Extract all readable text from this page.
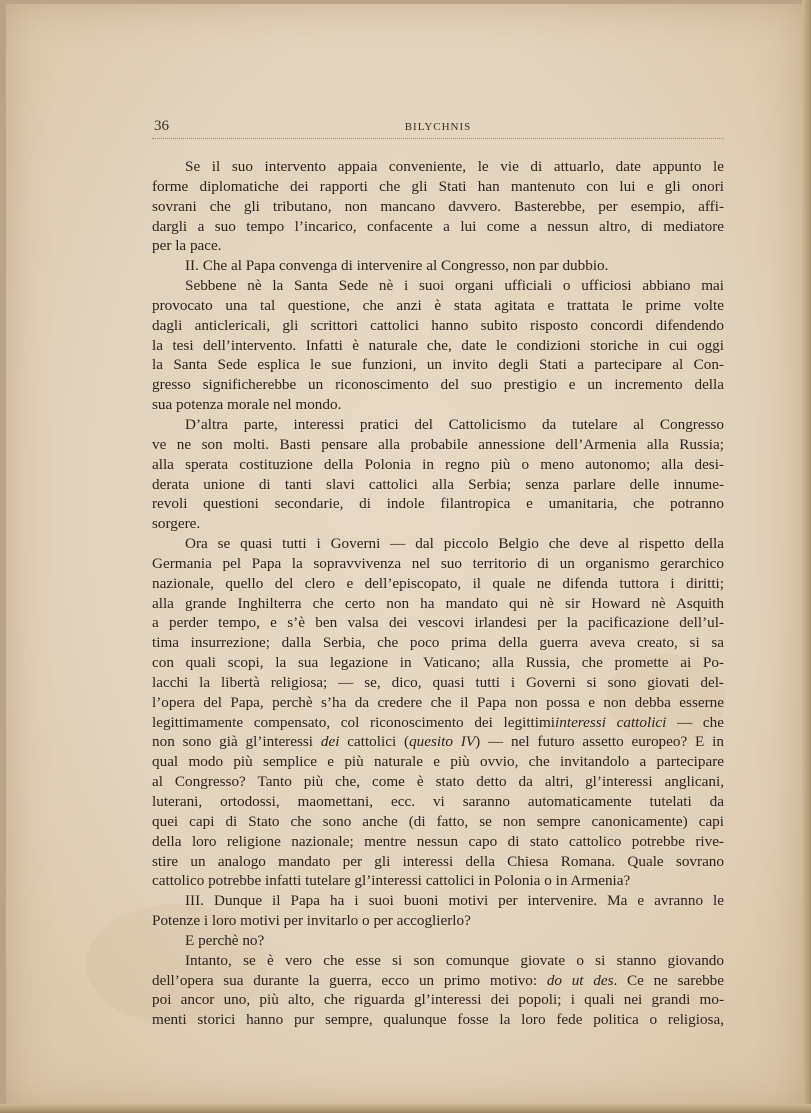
36	BILYCHNIS
Se il suo intervento appaia conveniente, le vie di attuarlo, date appunto le
forme diplomatiche dei rapporti che gli Stati han mantenuto con lui e gli onori
sovrani che gli tributano, non mancano davvero. Basterebbe, per esempio, affi-
dargli a suo tempo l’incarico, confacente a lui come a nessun altro, di mediatore
per la pace.
II. Che al Papa convenga di intervenire al Congresso, non par dubbio.
Sebbene nè la Santa Sede nè i suoi organi ufficiali o ufficiosi abbiano mai
provocato una tal questione, che anzi è stata agitata e trattata le prime volte
dagli anticlericali, gli scrittori cattolici hanno subito risposto concordi difendendo
la tesi dell’intervento. Infatti è naturale che, date le condizioni storiche in cui oggi
la Santa Sede esplica le sue funzioni, un invito degli Stati a partecipare al Con-
gresso significherebbe un riconoscimento del suo prestigio e un incremento della
sua potenza morale nel mondo.
D’altra parte, interessi pratici del Cattolicismo da tutelare al Congresso
ve ne son molti. Basti pensare alla probabile annessione dell’Armenia alla Russia;
alla sperata costituzione della Polonia in regno più o meno autonomo; alla desi-
derata unione di tanti slavi cattolici alla Serbia; senza parlare delle innume-
revoli questioni secondarie, di indole filantropica e umanitaria, che potranno
sorgere.
Ora se quasi tutti i Governi — dal piccolo Belgio che deve al rispetto della
Germania pel Papa la sopravvivenza nel suo territorio di un organismo gerarchico
nazionale, quello del clero e dell’episcopato, il quale ne difenda tuttora i diritti;
alla grande Inghilterra che certo non ha mandato qui nè sir Howard nè Asquith
a perder tempo, e s’è ben valsa dei vescovi irlandesi per la pacificazione dell’ul-
tima insurrezione; dalla Serbia, che poco prima della guerra aveva creato, si sa
con quali scopi, la sua legazione in Vaticano; alla Russia, che promette ai Po-
lacchi la libertà religiosa; — se, dico, quasi tutti i Governi si sono giovati del-
l’opera del Papa, perchè s’ha da credere che il Papa non possa e non debba esserne
legittimamente compensato, col riconoscimento dei legittimiinteressi cattolici — che
non sono già gl’interessi dei cattolici (quesito IV) — nel futuro assetto europeo? E in
qual modo più semplice e più naturale e più ovvio, che invitandolo a partecipare
al Congresso? Tanto più che, come è stato detto da altri, gl’interessi anglicani,
luterani, ortodossi, maomettani, ecc. vi saranno automaticamente tutelati da
quei capi di Stato che sono anche (di fatto, se non sempre canonicamente) capi
della loro religione nazionale; mentre nessun capo di stato cattolico potrebbe rive-
stire un analogo mandato per gli interessi della Chiesa Romana. Quale sovrano
cattolico potrebbe infatti tutelare gl’interessi cattolici in Polonia o in Armenia?
III. Dunque il Papa ha i suoi buoni motivi per intervenire. Ma e avranno le
Potenze i loro motivi per invitarlo o per accoglierlo?
E perchè no?
Intanto, se è vero che esse si son comunque giovate o si stanno giovando
dell’opera sua durante la guerra, ecco un primo motivo: do ut des. Ce ne sarebbe
poi ancor uno, più alto, che riguarda gl’interessi dei popoli; i quali nei grandi mo-
menti storici hanno pur sempre, qualunque fosse la loro fede politica o religiosa,
